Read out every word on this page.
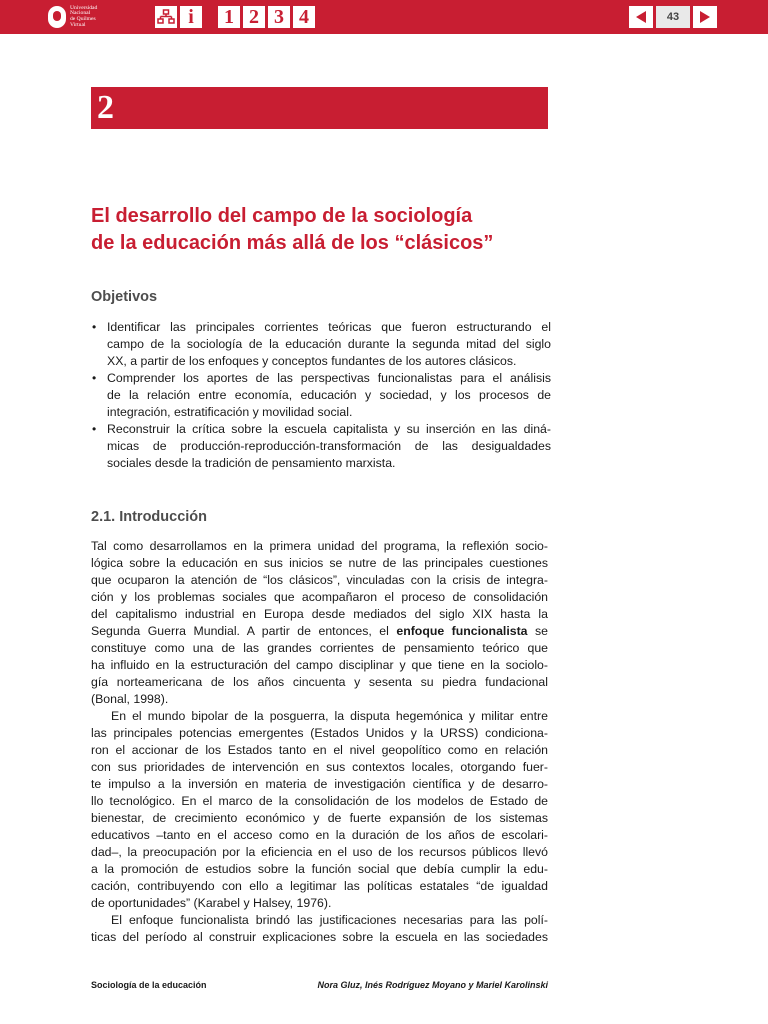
Universidad
Nacional
de Quilmes
Virtual	i 1 2 3 4	43
2
El desarrollo del campo de la sociología
de la educación más allá de los “clásicos”
Objetivos
• Identificar las principales corrientes teóricas que fueron estructurando el
campo de la sociología de la educación durante la segunda mitad del siglo
XX, a partir de los enfoques y conceptos fundantes de los autores clásicos.
• Comprender los aportes de las perspectivas funcionalistas para el análisis
de la relación entre economía, educación y sociedad, y los procesos de
integración, estratificación y movilidad social.
• Reconstruir la crítica sobre la escuela capitalista y su inserción en las diná-
micas de producción-reproducción-transformación de las desigualdades
sociales desde la tradición de pensamiento marxista.
2.1. Introducción
Tal como desarrollamos en la primera unidad del programa, la reflexión socio-
lógica sobre la educación en sus inicios se nutre de las principales cuestiones
que ocuparon la atención de “los clásicos”, vinculadas con la crisis de integra-
ción y los problemas sociales que acompañaron el proceso de consolidación
del capitalismo industrial en Europa desde mediados del siglo XIX hasta la
Segunda Guerra Mundial. A partir de entonces, el enfoque funcionalista se
constituye como una de las grandes corrientes de pensamiento teórico que
ha influido en la estructuración del campo disciplinar y que tiene en la sociolo-
gía norteamericana de los años cincuenta y sesenta su piedra fundacional
(Bonal, 1998).
En el mundo bipolar de la posguerra, la disputa hegemónica y militar entre
las principales potencias emergentes (Estados Unidos y la URSS) condiciona-
ron el accionar de los Estados tanto en el nivel geopolítico como en relación
con sus prioridades de intervención en sus contextos locales, otorgando fuer-
te impulso a la inversión en materia de investigación científica y de desarro-
llo tecnológico. En el marco de la consolidación de los modelos de Estado de
bienestar, de crecimiento económico y de fuerte expansión de los sistemas
educativos –tanto en el acceso como en la duración de los años de escolari-
dad–, la preocupación por la eficiencia en el uso de los recursos públicos llevó
a la promoción de estudios sobre la función social que debía cumplir la edu-
cación, contribuyendo con ello a legitimar las políticas estatales “de igualdad
de oportunidades” (Karabel y Halsey, 1976).
El enfoque funcionalista brindó las justificaciones necesarias para las polí-
ticas del período al construir explicaciones sobre la escuela en las sociedades
Sociología de la educación	Nora Gluz, Inés Rodríguez Moyano y Mariel Karolinski
